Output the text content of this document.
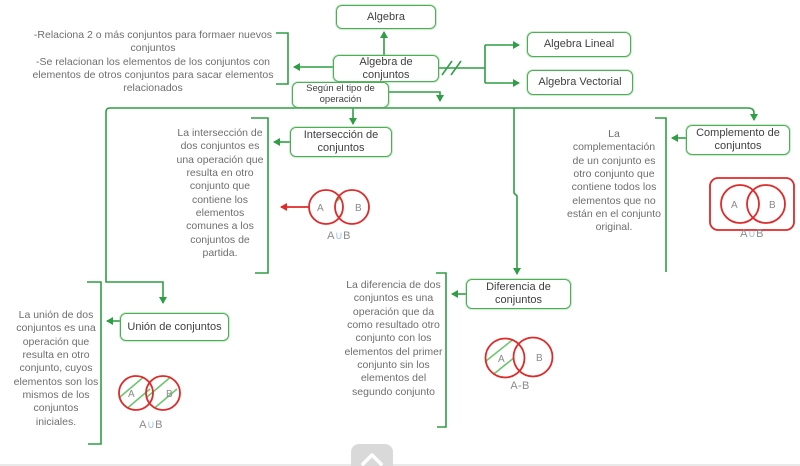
Algebra
Algebra de conjuntos
Algebra Lineal
Algebra Vectorial
Según el tipo de operación
Intersección de conjuntos
Complemento de conjuntos
Diferencia de conjuntos
Unión de conjuntos
-Relaciona 2 o más conjuntos para formaer nuevos conjuntos
-Se relacionan los elementos de los conjuntos con elementos de otros conjuntos para sacar elementos relacionados
La intersección de dos conjuntos es una operación que resulta en otro conjunto que contiene los elementos comunes a los conjuntos de partida.
La complementación de un conjunto es otro conjunto que contiene todos los elementos que no están en el conjunto original.
La diferencia de dos conjuntos es una operación que da como resultado otro conjunto con los elementos del primer conjunto sin los elementos del segundo conjunto
La unión de dos conjuntos es una operación que resulta en otro conjunto, cuyos elementos son los mismos de los conjuntos iniciales.
A	B
A∪B
A	B
A∪B
A	B
A-B
A	B
A∪B
